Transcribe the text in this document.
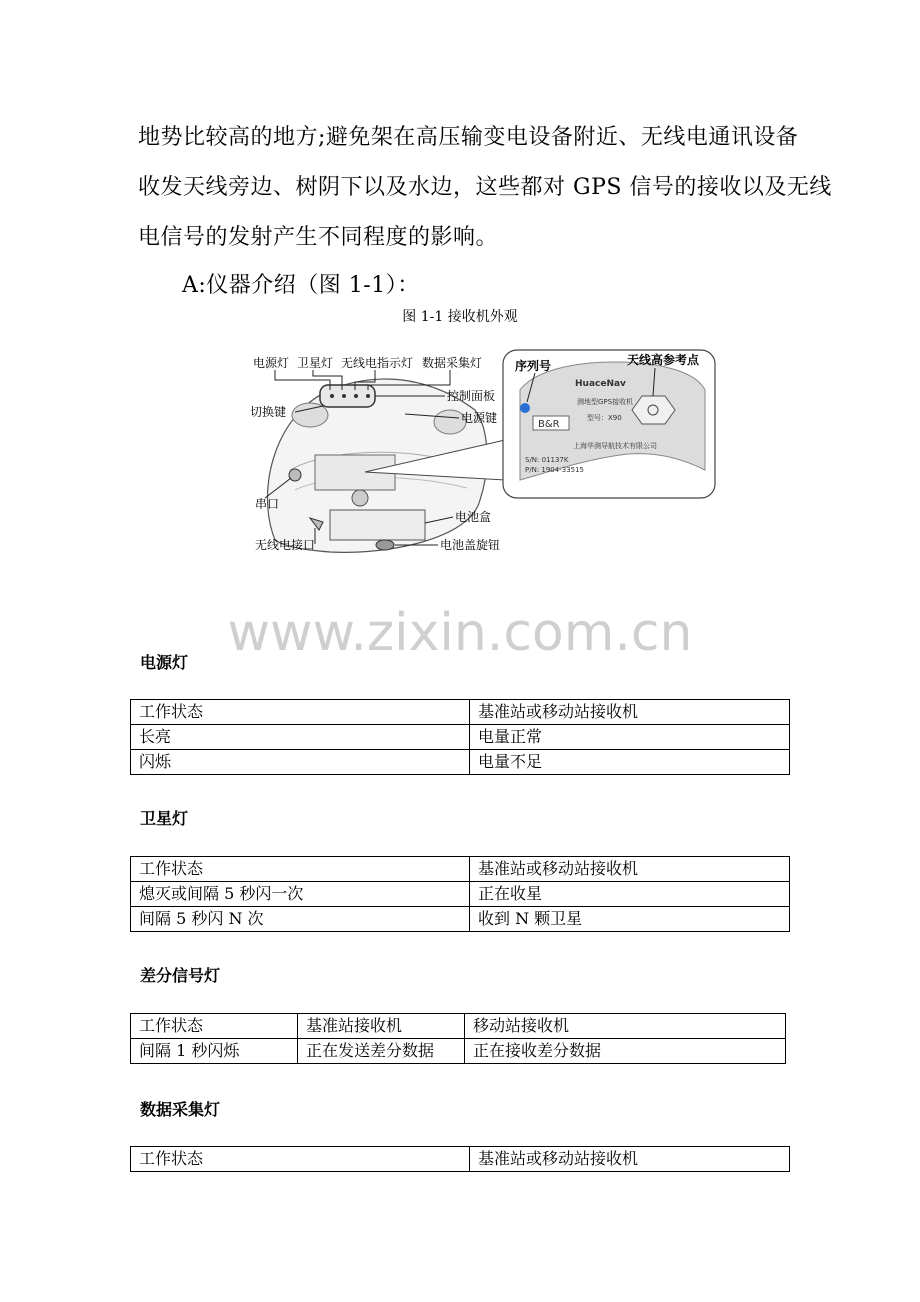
地势比较高的地方;避免架在高压输变电设备附近、无线电通讯设备
收发天线旁边、树阴下以及水边，这些都对 GPS 信号的接收以及无线
电信号的发射产生不同程度的影响。
A:仪器介绍（图 1-1）：
图 1-1 接收机外观
B&R
HuaceNav
测地型GPS接收机
型号：X90
上海华测导航技术有限公司
S/N: 01137K
P/N: 1904-33515
电源灯 卫星灯 无线电指示灯 数据采集灯
控制面板
切换键	电源键
串口
电池盒
无线电接口	电池盖旋钮
序列号	天线高参考点
www.zixin.com.cn
电源灯
工作状态	基准站或移动站接收机
长亮	电量正常
闪烁	电量不足
卫星灯
工作状态	基准站或移动站接收机
熄灭或间隔 5 秒闪一次	正在收星
间隔 5 秒闪 N 次	收到 N 颗卫星
差分信号灯
工作状态	基准站接收机	移动站接收机
间隔 1 秒闪烁	正在发送差分数据	正在接收差分数据
数据采集灯
工作状态	基准站或移动站接收机
